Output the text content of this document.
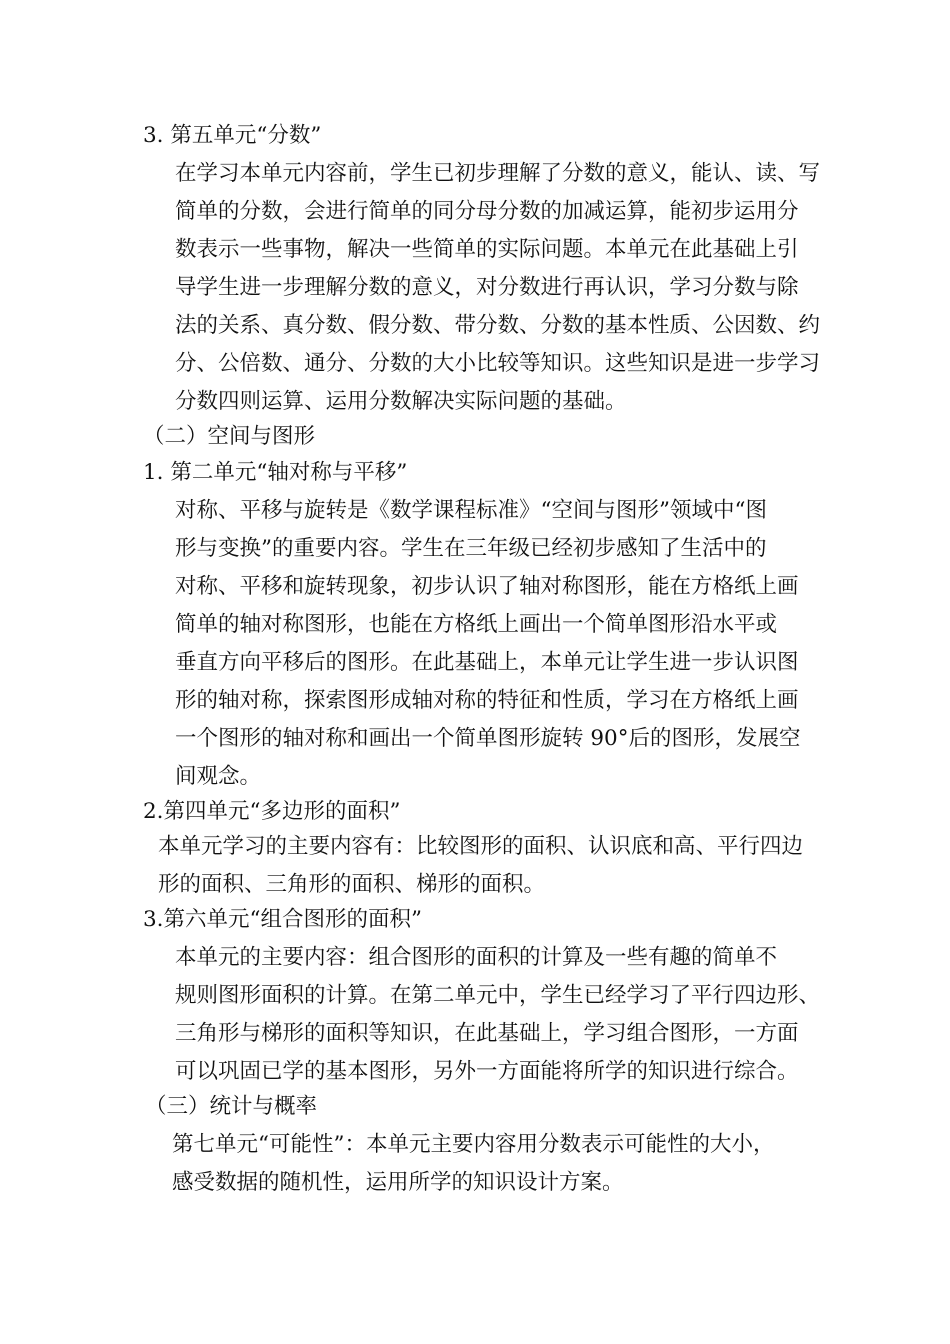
3. 第五单元“分数”
在学习本单元内容前，学生已初步理解了分数的意义，能认、读、写
简单的分数，会进行简单的同分母分数的加减运算，能初步运用分
数表示一些事物，解决一些简单的实际问题。本单元在此基础上引
导学生进一步理解分数的意义，对分数进行再认识，学习分数与除
法的关系、真分数、假分数、带分数、分数的基本性质、公因数、约
分、公倍数、通分、分数的大小比较等知识。这些知识是进一步学习
分数四则运算、运用分数解决实际问题的基础。
（二）空间与图形
1. 第二单元“轴对称与平移”
对称、平移与旋转是《数学课程标准》“空间与图形”领域中“图
形与变换”的重要内容。学生在三年级已经初步感知了生活中的
对称、平移和旋转现象，初步认识了轴对称图形，能在方格纸上画
简单的轴对称图形，也能在方格纸上画出一个简单图形沿水平或
垂直方向平移后的图形。在此基础上，本单元让学生进一步认识图
形的轴对称，探索图形成轴对称的特征和性质，学习在方格纸上画
一个图形的轴对称和画出一个简单图形旋转 90°后的图形，发展空
间观念。
2.第四单元“多边形的面积”
本单元学习的主要内容有：比较图形的面积、认识底和高、平行四边
形的面积、三角形的面积、梯形的面积。
3.第六单元“组合图形的面积”
本单元的主要内容：组合图形的面积的计算及一些有趣的简单不
规则图形面积的计算。在第二单元中，学生已经学习了平行四边形、
三角形与梯形的面积等知识，在此基础上，学习组合图形，一方面
可以巩固已学的基本图形，另外一方面能将所学的知识进行综合。
（三）统计与概率
第七单元“可能性”：本单元主要内容用分数表示可能性的大小，
感受数据的随机性，运用所学的知识设计方案。
